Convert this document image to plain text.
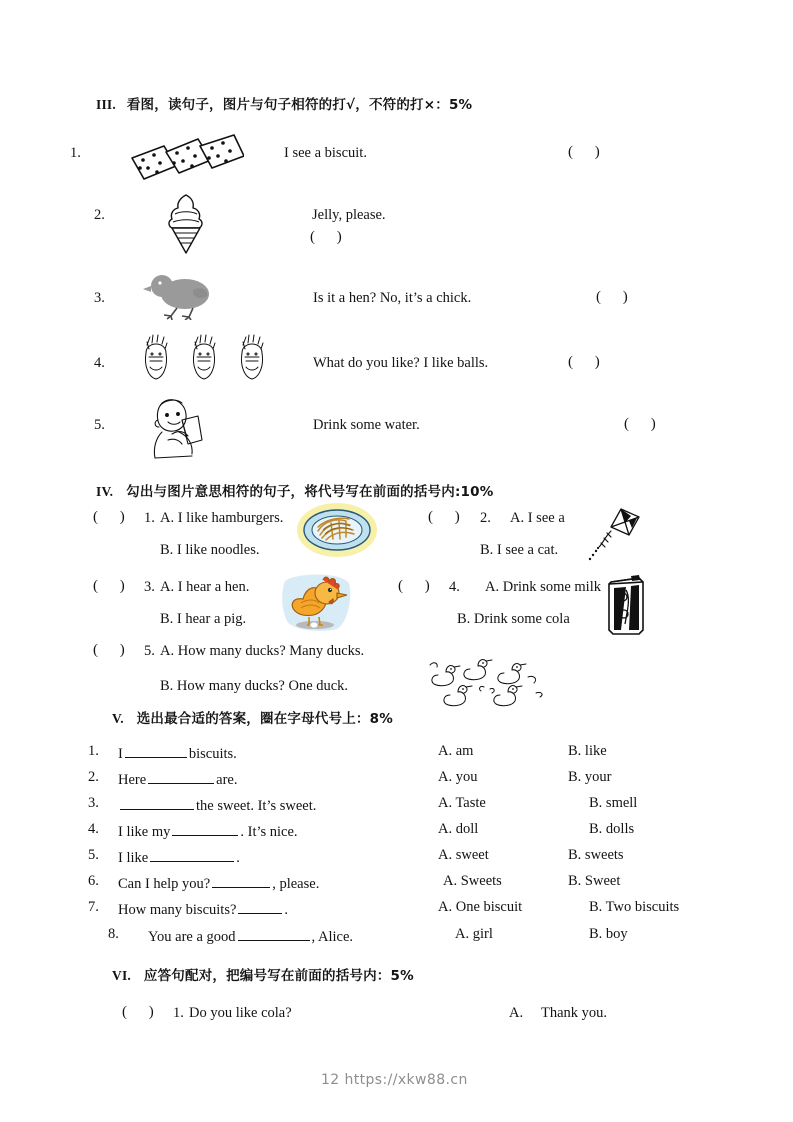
III. 看图，读句子，图片与句子相符的打√，不符的打×：5%
1.	I see a biscuit.	( )
2.	Jelly, please.
( )
3.	Is it a hen? No, it’s a chick.	( )
4.	What do you like? I like balls.	( )
5.	Drink some water.	( )
IV. 勾出与图片意思相符的句子，将代号写在前面的括号内:10%
( ) 1. A. I like hamburgers.
B. I like noodles.
( ) 2. A. I see a
B. I see a cat.
( ) 3. A. I hear a hen.
B. I hear a pig.
( ) 4. A. Drink some milk
B. Drink some cola
( ) 5. A. How many ducks? Many ducks.
B. How many ducks? One duck.
V. 选出最合适的答案，圈在字母代号上：8%
1. I	biscuits.	A. am	B. like
2. Here	are.	A. you	B. your
3.	the sweet. It’s sweet.	A. Taste	B. smell
4. I like my	. It’s nice.	A. doll	B. dolls
5. I like	.	A. sweet	B. sweets
6. Can I help you?	, please.	A. Sweets	B. Sweet
7. How many biscuits?	.	A. One biscuit	B. Two biscuits
8. You are a good	, Alice.	A. girl	B. boy
VI. 应答句配对，把编号写在前面的括号内：5%
( ) 1. Do you like cola?	A. Thank you.
12 https://xkw88.cn
